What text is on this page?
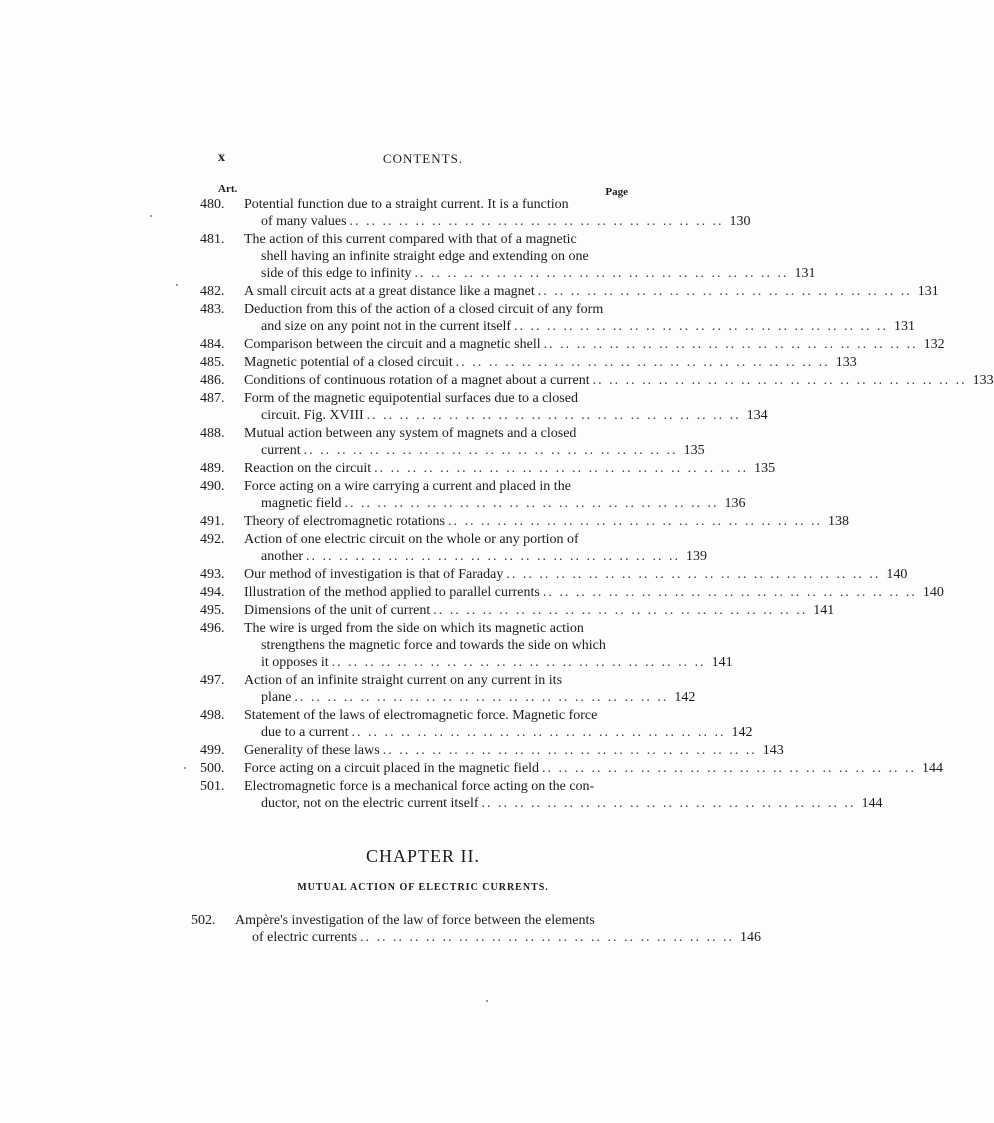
x	CONTENTS.
Art.	Page
480.	Potential function due to a straight current. It is a function
of many values .. .. .. .. .. .. .. .. .. .. .. .. .. .. .. .. .. .. .. .. .. .. .. 130
481.	The action of this current compared with that of a magnetic
shell having an infinite straight edge and extending on one
side of this edge to infinity .. .. .. .. .. .. .. .. .. .. .. .. .. .. .. .. .. .. .. .. .. .. .. 131
482.	A small circuit acts at a great distance like a magnet .. .. .. .. .. .. .. .. .. .. .. .. .. .. .. .. .. .. .. .. .. .. .. 131
483.	Deduction from this of the action of a closed circuit of any form
and size on any point not in the current itself .. .. .. .. .. .. .. .. .. .. .. .. .. .. .. .. .. .. .. .. .. .. .. 131
484.	Comparison between the circuit and a magnetic shell .. .. .. .. .. .. .. .. .. .. .. .. .. .. .. .. .. .. .. .. .. .. .. 132
485.	Magnetic potential of a closed circuit .. .. .. .. .. .. .. .. .. .. .. .. .. .. .. .. .. .. .. .. .. .. .. 133
486.	Conditions of continuous rotation of a magnet about a current .. .. .. .. .. .. .. .. .. .. .. .. .. .. .. .. .. .. .. .. .. .. .. 133
487.	Form of the magnetic equipotential surfaces due to a closed
circuit. Fig. XVIII .. .. .. .. .. .. .. .. .. .. .. .. .. .. .. .. .. .. .. .. .. .. .. 134
488.	Mutual action between any system of magnets and a closed
current .. .. .. .. .. .. .. .. .. .. .. .. .. .. .. .. .. .. .. .. .. .. .. 135
489.	Reaction on the circuit .. .. .. .. .. .. .. .. .. .. .. .. .. .. .. .. .. .. .. .. .. .. .. 135
490.	Force acting on a wire carrying a current and placed in the
magnetic field .. .. .. .. .. .. .. .. .. .. .. .. .. .. .. .. .. .. .. .. .. .. .. 136
491.	Theory of electromagnetic rotations .. .. .. .. .. .. .. .. .. .. .. .. .. .. .. .. .. .. .. .. .. .. .. 138
492.	Action of one electric circuit on the whole or any portion of
another .. .. .. .. .. .. .. .. .. .. .. .. .. .. .. .. .. .. .. .. .. .. .. 139
493.	Our method of investigation is that of Faraday .. .. .. .. .. .. .. .. .. .. .. .. .. .. .. .. .. .. .. .. .. .. .. 140
494.	Illustration of the method applied to parallel currents .. .. .. .. .. .. .. .. .. .. .. .. .. .. .. .. .. .. .. .. .. .. .. 140
495.	Dimensions of the unit of current .. .. .. .. .. .. .. .. .. .. .. .. .. .. .. .. .. .. .. .. .. .. .. 141
496.	The wire is urged from the side on which its magnetic action
strengthens the magnetic force and towards the side on which
it opposes it .. .. .. .. .. .. .. .. .. .. .. .. .. .. .. .. .. .. .. .. .. .. .. 141
497.	Action of an infinite straight current on any current in its
plane .. .. .. .. .. .. .. .. .. .. .. .. .. .. .. .. .. .. .. .. .. .. .. 142
498.	Statement of the laws of electromagnetic force. Magnetic force
due to a current .. .. .. .. .. .. .. .. .. .. .. .. .. .. .. .. .. .. .. .. .. .. .. 142
499.	Generality of these laws .. .. .. .. .. .. .. .. .. .. .. .. .. .. .. .. .. .. .. .. .. .. .. 143
500.	Force acting on a circuit placed in the magnetic field .. .. .. .. .. .. .. .. .. .. .. .. .. .. .. .. .. .. .. .. .. .. .. 144
501.	Electromagnetic force is a mechanical force acting on the con-
ductor, not on the electric current itself .. .. .. .. .. .. .. .. .. .. .. .. .. .. .. .. .. .. .. .. .. .. .. 144
CHAPTER II.
MUTUAL ACTION OF ELECTRIC CURRENTS.
502.	Ampère's investigation of the law of force between the elements
of electric currents .. .. .. .. .. .. .. .. .. .. .. .. .. .. .. .. .. .. .. .. .. .. .. 146
